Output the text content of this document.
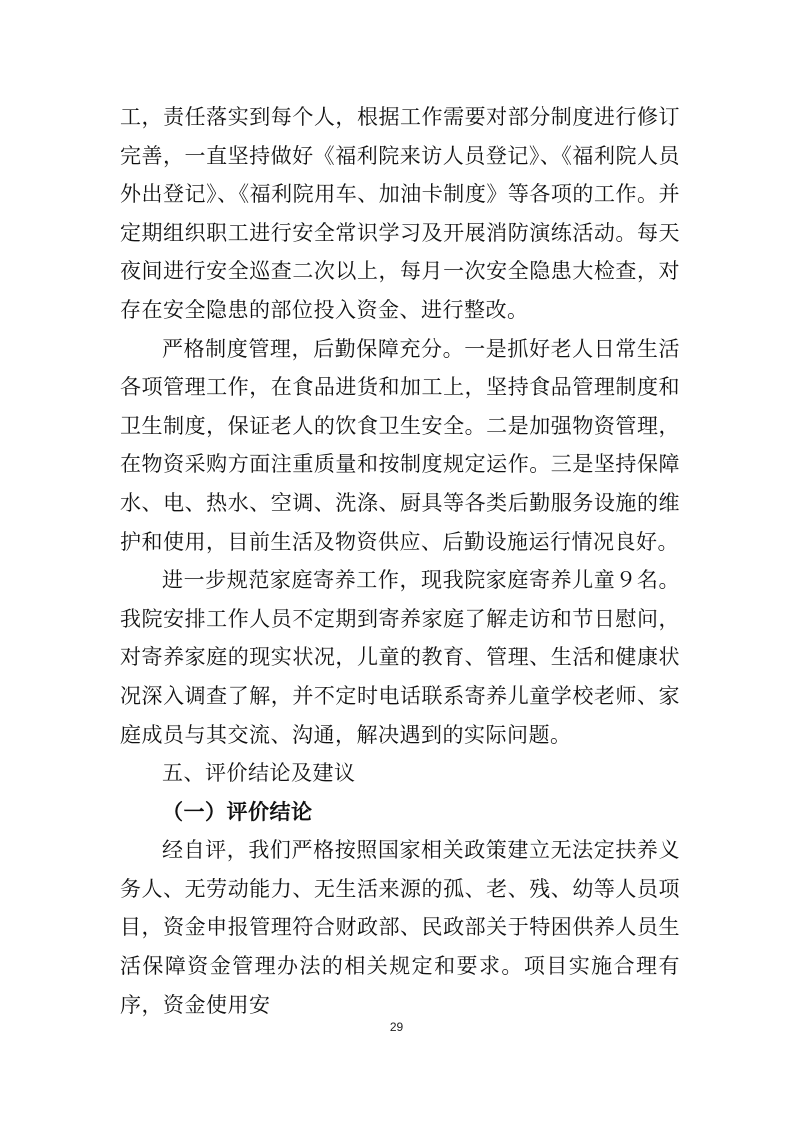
工，责任落实到每个人，根据工作需要对部分制度进行修订完善，一直坚持做好《福利院来访人员登记》、《福利院人员外出登记》、《福利院用车、加油卡制度》等各项的工作。并定期组织职工进行安全常识学习及开展消防演练活动。每天夜间进行安全巡查二次以上，每月一次安全隐患大检查，对存在安全隐患的部位投入资金、进行整改。

严格制度管理，后勤保障充分。一是抓好老人日常生活各项管理工作，在食品进货和加工上，坚持食品管理制度和卫生制度，保证老人的饮食卫生安全。二是加强物资管理，在物资采购方面注重质量和按制度规定运作。三是坚持保障水、电、热水、空调、洗涤、厨具等各类后勤服务设施的维护和使用，目前生活及物资供应、后勤设施运行情况良好。

进一步规范家庭寄养工作，现我院家庭寄养儿童９名。我院安排工作人员不定期到寄养家庭了解走访和节日慰问，对寄养家庭的现实状况，儿童的教育、管理、生活和健康状况深入调查了解，并不定时电话联系寄养儿童学校老师、家庭成员与其交流、沟通，解决遇到的实际问题。

五、评价结论及建议

（一）评价结论

经自评，我们严格按照国家相关政策建立无法定扶养义务人、无劳动能力、无生活来源的孤、老、残、幼等人员项目，资金申报管理符合财政部、民政部关于特困供养人员生活保障资金管理办法的相关规定和要求。项目实施合理有序，资金使用安

29
